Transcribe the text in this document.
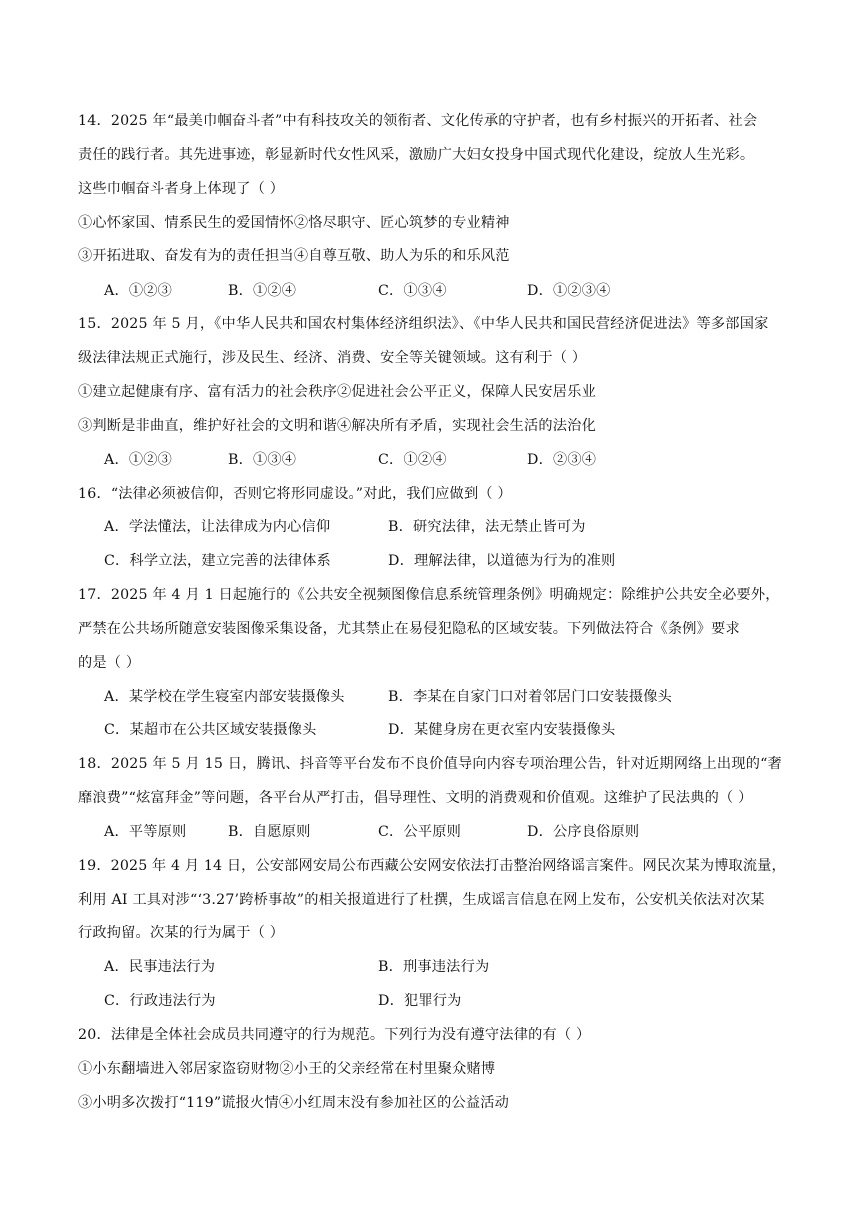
14．2025 年“最美巾帼奋斗者”中有科技攻关的领衔者、文化传承的守护者，也有乡村振兴的开拓者、社会
责任的践行者。其先进事迹，彰显新时代女性风采，激励广大妇女投身中国式现代化建设，绽放人生光彩。
这些巾帼奋斗者身上体现了（ ）
①心怀家国、情系民生的爱国情怀②恪尽职守、匠心筑梦的专业精神
③开拓进取、奋发有为的责任担当④自尊互敬、助人为乐的和乐风范
A．①②③	B．①②④	C．①③④	D．①②③④
15．2025 年 5 月，《中华人民共和国农村集体经济组织法》、《中华人民共和国民营经济促进法》等多部国家
级法律法规正式施行，涉及民生、经济、消费、安全等关键领域。这有利于（ ）
①建立起健康有序、富有活力的社会秩序②促进社会公平正义，保障人民安居乐业
③判断是非曲直，维护好社会的文明和谐④解决所有矛盾，实现社会生活的法治化
A．①②③	B．①③④	C．①②④	D．②③④
16．“法律必须被信仰，否则它将形同虚设。”对此，我们应做到（ ）
A．学法懂法，让法律成为内心信仰	B．研究法律，法无禁止皆可为
C．科学立法，建立完善的法律体系	D．理解法律，以道德为行为的准则
17．2025 年 4 月 1 日起施行的《公共安全视频图像信息系统管理条例》明确规定：除维护公共安全必要外，
严禁在公共场所随意安装图像采集设备，尤其禁止在易侵犯隐私的区域安装。下列做法符合《条例》要求
的是（ ）
A．某学校在学生寝室内部安装摄像头	B．李某在自家门口对着邻居门口安装摄像头
C．某超市在公共区域安装摄像头	D．某健身房在更衣室内安装摄像头
18．2025 年 5 月 15 日，腾讯、抖音等平台发布不良价值导向内容专项治理公告，针对近期网络上出现的“奢
靡浪费”“炫富拜金”等问题，各平台从严打击，倡导理性、文明的消费观和价值观。这维护了民法典的（ ）
A．平等原则	B．自愿原则	C．公平原则	D．公序良俗原则
19．2025 年 4 月 14 日，公安部网安局公布西藏公安网安依法打击整治网络谣言案件。网民次某为博取流量，
利用 AI 工具对涉“‘3.27’跨桥事故”的相关报道进行了杜撰，生成谣言信息在网上发布，公安机关依法对次某
行政拘留。次某的行为属于（ ）
A．民事违法行为	B．刑事违法行为
C．行政违法行为	D．犯罪行为
20．法律是全体社会成员共同遵守的行为规范。下列行为没有遵守法律的有（ ）
①小东翻墙进入邻居家盗窃财物②小王的父亲经常在村里聚众赌博
③小明多次拨打“119”谎报火情④小红周末没有参加社区的公益活动
